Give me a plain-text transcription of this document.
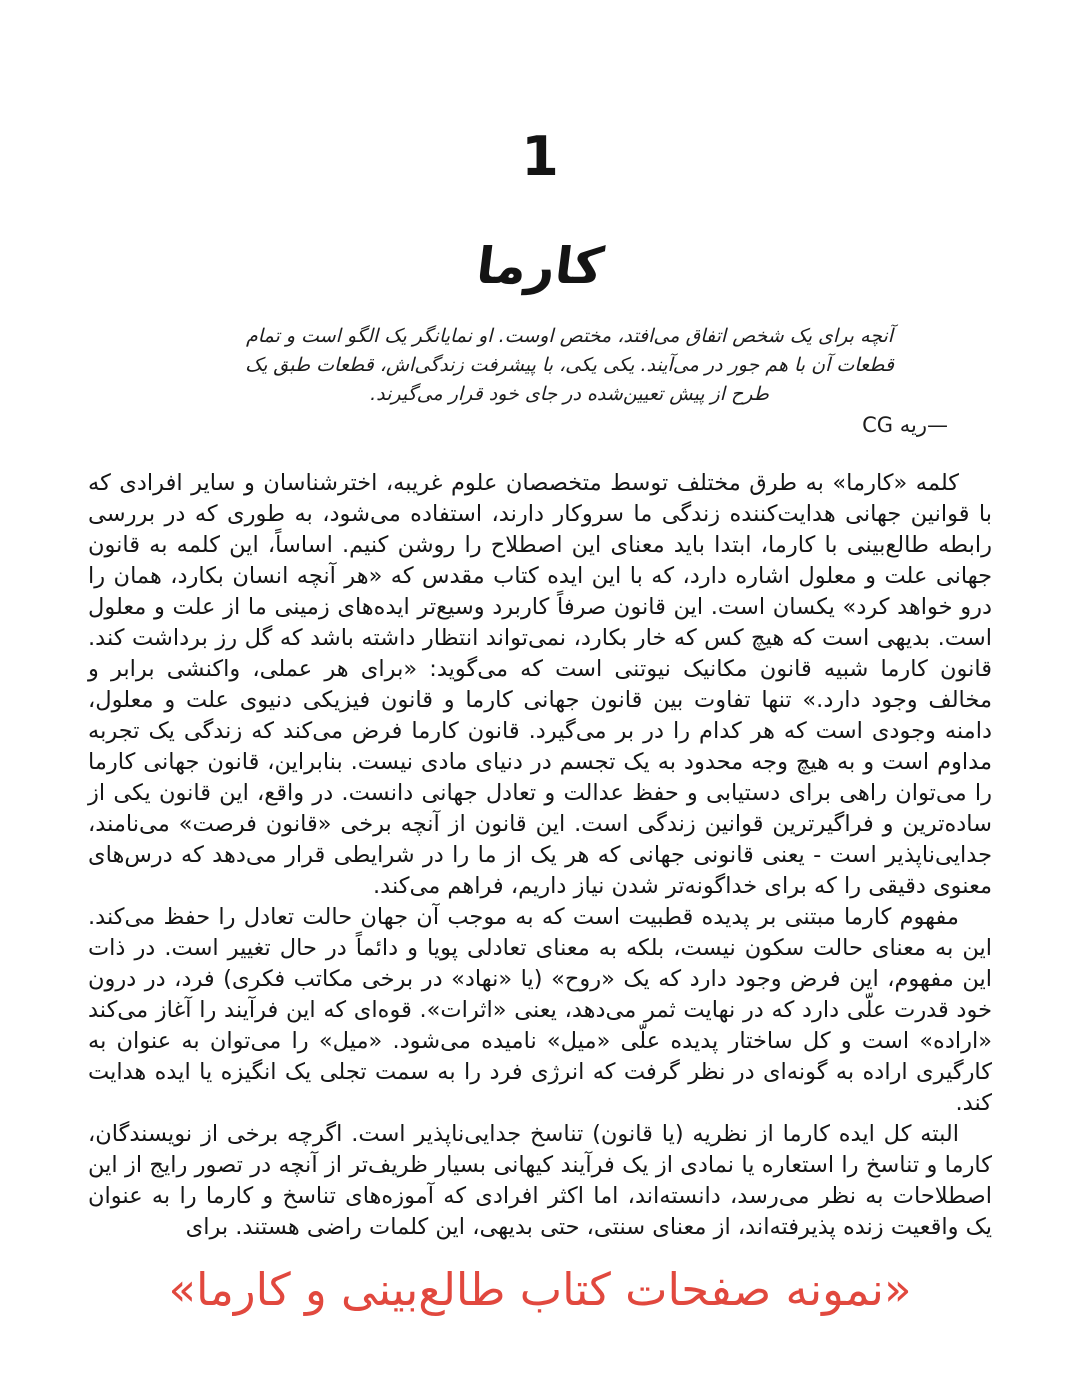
1
کارما
آنچه برای یک شخص اتفاق می‌افتد، مختص اوست. او نمایانگر یک الگو است و تمام قطعات آن با هم جور در می‌آیند. یکی یکی، با پیشرفت زندگی‌اش، قطعات طبق یک طرح از پیش تعیین‌شده در جای خود قرار می‌گیرند.
—ریه CG

کلمه «کارما» به طرق مختلف توسط متخصصان علوم غریبه، اخترشناسان و سایر افرادی که با قوانین جهانی هدایت‌کننده زندگی ما سروکار دارند، استفاده می‌شود، به طوری که در بررسی رابطه طالع‌بینی با کارما، ابتدا باید معنای این اصطلاح را روشن کنیم. اساساً، این کلمه به قانون جهانی علت و معلول اشاره دارد، که با این ایده کتاب مقدس که «هر آنچه انسان بکارد، همان را درو خواهد کرد» یکسان است. این قانون صرفاً کاربرد وسیع‌تر ایده‌های زمینی ما از علت و معلول است. بدیهی است که هیچ کس که خار بکارد، نمی‌تواند انتظار داشته باشد که گل رز برداشت کند. قانون کارما شبیه قانون مکانیک نیوتنی است که می‌گوید: «برای هر عملی، واکنشی برابر و مخالف وجود دارد.» تنها تفاوت بین قانون جهانی کارما و قانون فیزیکی دنیوی علت و معلول، دامنه وجودی است که هر کدام را در بر می‌گیرد. قانون کارما فرض می‌کند که زندگی یک تجربه مداوم است و به هیچ وجه محدود به یک تجسم در دنیای مادی نیست. بنابراین، قانون جهانی کارما را می‌توان راهی برای دستیابی و حفظ عدالت و تعادل جهانی دانست. در واقع، این قانون یکی از ساده‌ترین و فراگیرترین قوانین زندگی است. این قانون از آنچه برخی «قانون فرصت» می‌نامند، جدایی‌ناپذیر است - یعنی قانونی جهانی که هر یک از ما را در شرایطی قرار می‌دهد که درس‌های معنوی دقیقی را که برای خداگونه‌تر شدن نیاز داریم، فراهم می‌کند.

مفهوم کارما مبتنی بر پدیده قطبیت است که به موجب آن جهان حالت تعادل را حفظ می‌کند. این به معنای حالت سکون نیست، بلکه به معنای تعادلی پویا و دائماً در حال تغییر است. در ذات این مفهوم، این فرض وجود دارد که یک «روح» (یا «نهاد» در برخی مکاتب فکری) فرد، در درون خود قدرت علّی دارد که در نهایت ثمر می‌دهد، یعنی «اثرات». قوه‌ای که این فرآیند را آغاز می‌کند «اراده» است و کل ساختار پدیده علّی «میل» نامیده می‌شود. «میل» را می‌توان به عنوان به کارگیری اراده به گونه‌ای در نظر گرفت که انرژی فرد را به سمت تجلی یک انگیزه یا ایده هدایت کند.

البته کل ایده کارما از نظریه (یا قانون) تناسخ جدایی‌ناپذیر است. اگرچه برخی از نویسندگان، کارما و تناسخ را استعاره یا نمادی از یک فرآیند کیهانی بسیار ظریف‌تر از آنچه در تصور رایج از این اصطلاحات به نظر می‌رسد، دانسته‌اند، اما اکثر افرادی که آموزه‌های تناسخ و کارما را به عنوان یک واقعیت زنده پذیرفته‌اند، از معنای سنتی، حتی بدیهی، این کلمات راضی هستند. برای

«نمونه صفحات کتاب طالع‌بینی و کارما»
